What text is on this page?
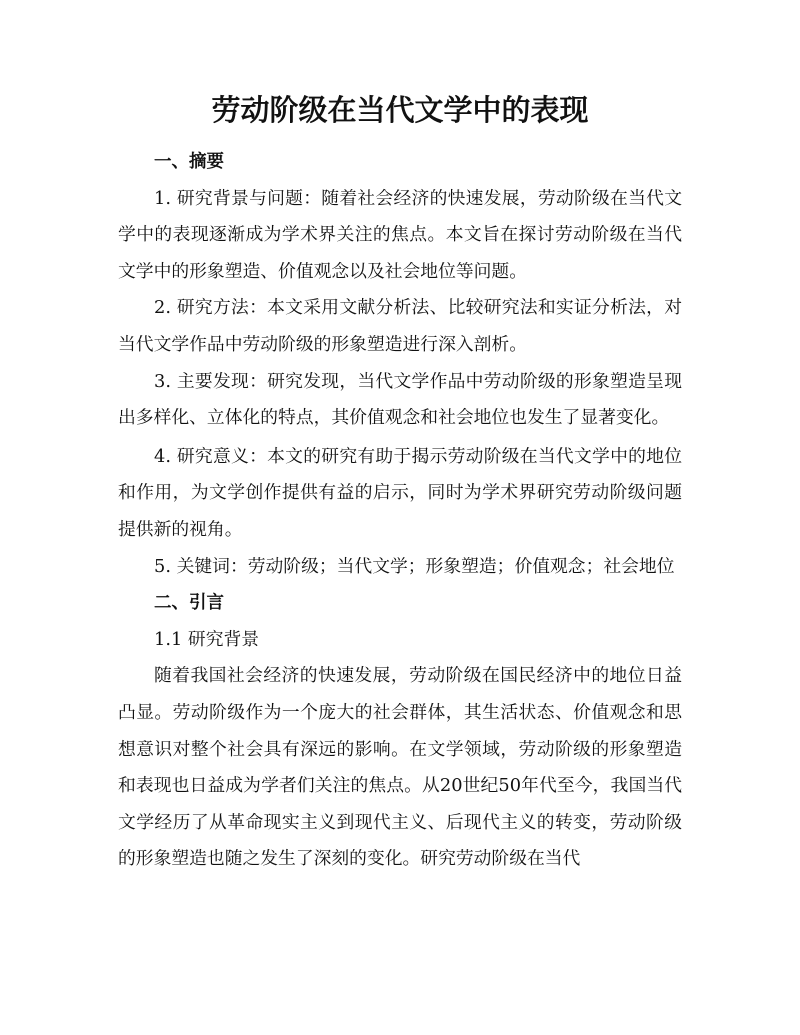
劳动阶级在当代文学中的表现
一、摘要

1. 研究背景与问题：随着社会经济的快速发展，劳动阶级在当代文学中的表现逐渐成为学术界关注的焦点。本文旨在探讨劳动阶级在当代文学中的形象塑造、价值观念以及社会地位等问题。

2. 研究方法：本文采用文献分析法、比较研究法和实证分析法，对当代文学作品中劳动阶级的形象塑造进行深入剖析。

3. 主要发现：研究发现，当代文学作品中劳动阶级的形象塑造呈现出多样化、立体化的特点，其价值观念和社会地位也发生了显著变化。

4. 研究意义：本文的研究有助于揭示劳动阶级在当代文学中的地位和作用，为文学创作提供有益的启示，同时为学术界研究劳动阶级问题提供新的视角。

5. 关键词：劳动阶级；当代文学；形象塑造；价值观念；社会地位

二、引言

1.1 研究背景

随着我国社会经济的快速发展，劳动阶级在国民经济中的地位日益凸显。劳动阶级作为一个庞大的社会群体，其生活状态、价值观念和思想意识对整个社会具有深远的影响。在文学领域，劳动阶级的形象塑造和表现也日益成为学者们关注的焦点。从20世纪50年代至今，我国当代文学经历了从革命现实主义到现代主义、后现代主义的转变，劳动阶级的形象塑造也随之发生了深刻的变化。研究劳动阶级在当代
